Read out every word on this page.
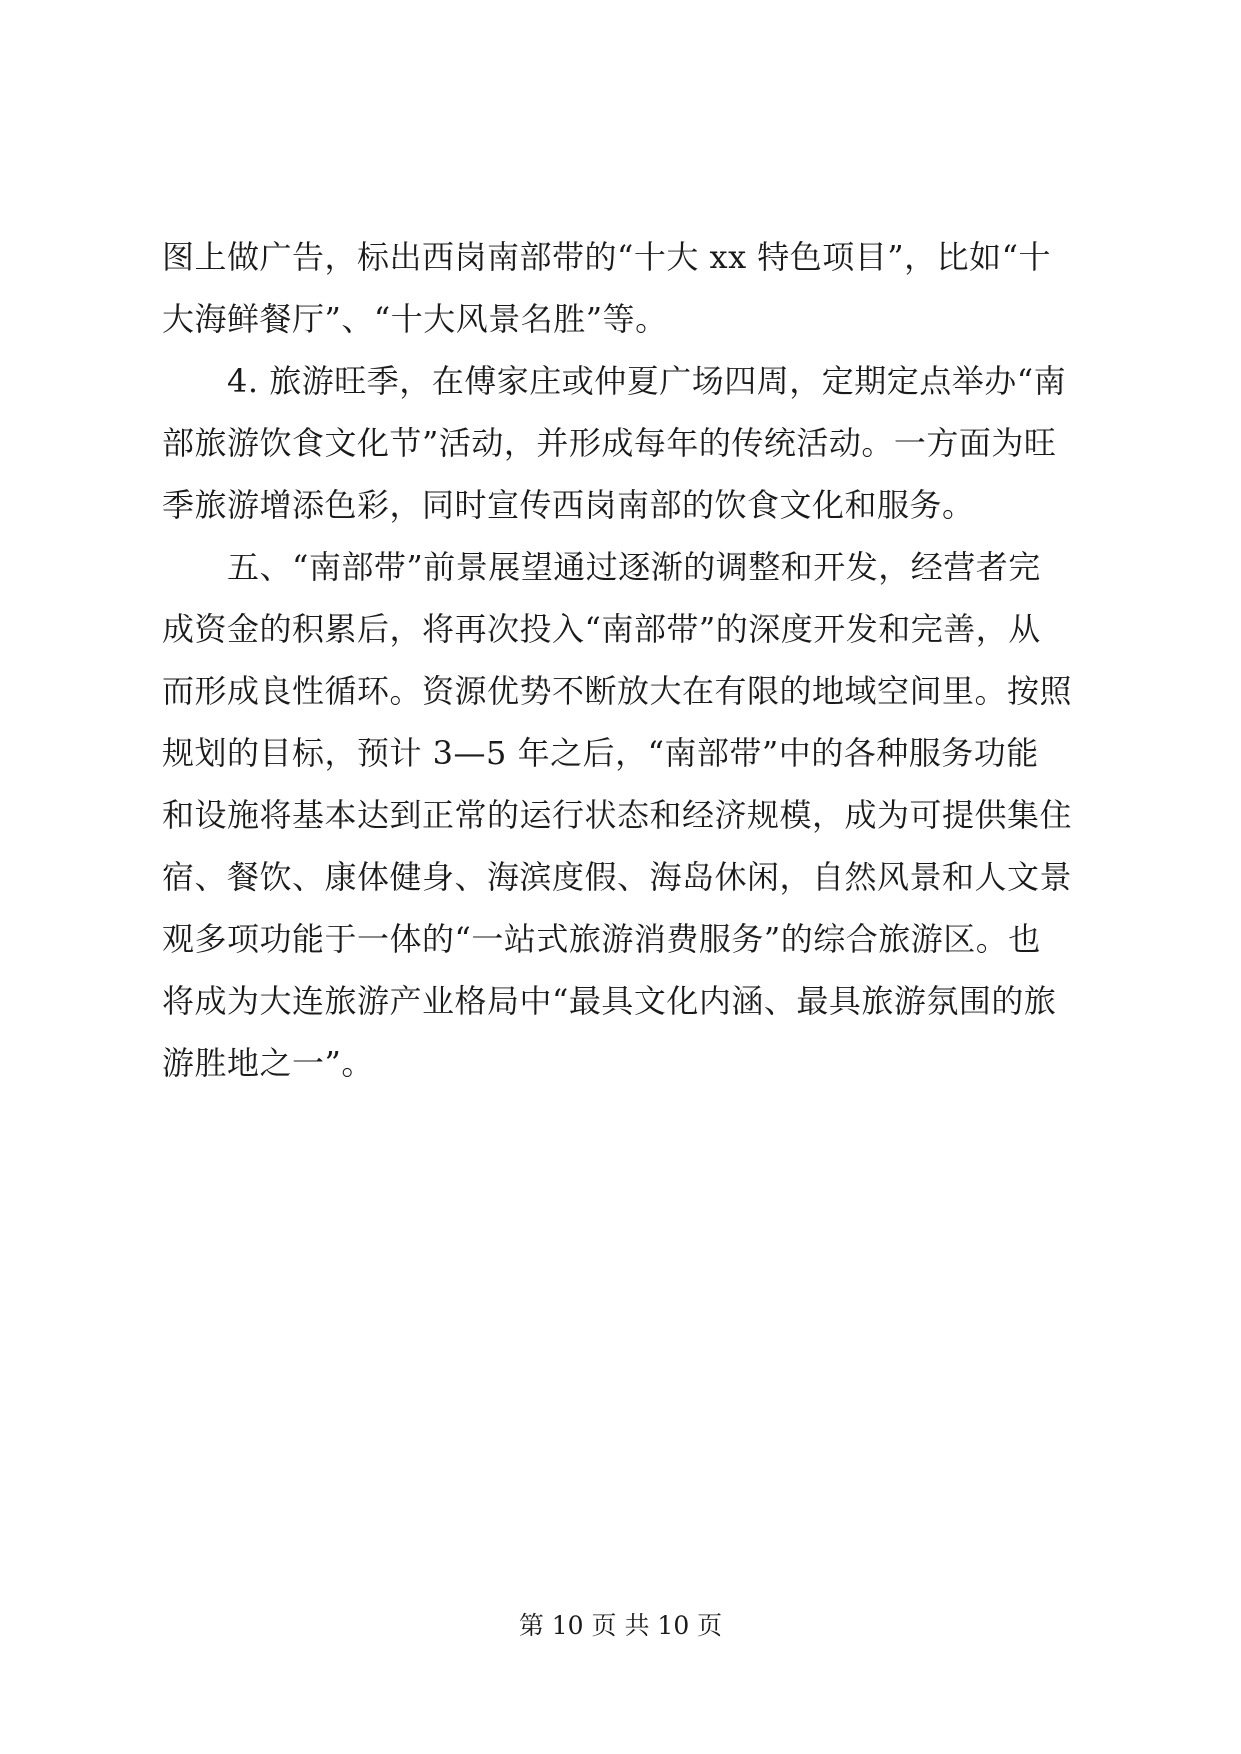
图上做广告，标出西岗南部带的“十大 xx 特色项目”，比如“十
大海鲜餐厅”、“十大风景名胜”等。
4. 旅游旺季，在傅家庄或仲夏广场四周，定期定点举办“南
部旅游饮食文化节”活动，并形成每年的传统活动。一方面为旺
季旅游增添色彩，同时宣传西岗南部的饮食文化和服务。
五、“南部带”前景展望通过逐渐的调整和开发，经营者完
成资金的积累后，将再次投入“南部带”的深度开发和完善，从
而形成良性循环。资源优势不断放大在有限的地域空间里。按照
规划的目标，预计 3—5 年之后，“南部带”中的各种服务功能
和设施将基本达到正常的运行状态和经济规模，成为可提供集住
宿、餐饮、康体健身、海滨度假、海岛休闲，自然风景和人文景
观多项功能于一体的“一站式旅游消费服务”的综合旅游区。也
将成为大连旅游产业格局中“最具文化内涵、最具旅游氛围的旅
游胜地之一”。
第 10 页 共 10 页
